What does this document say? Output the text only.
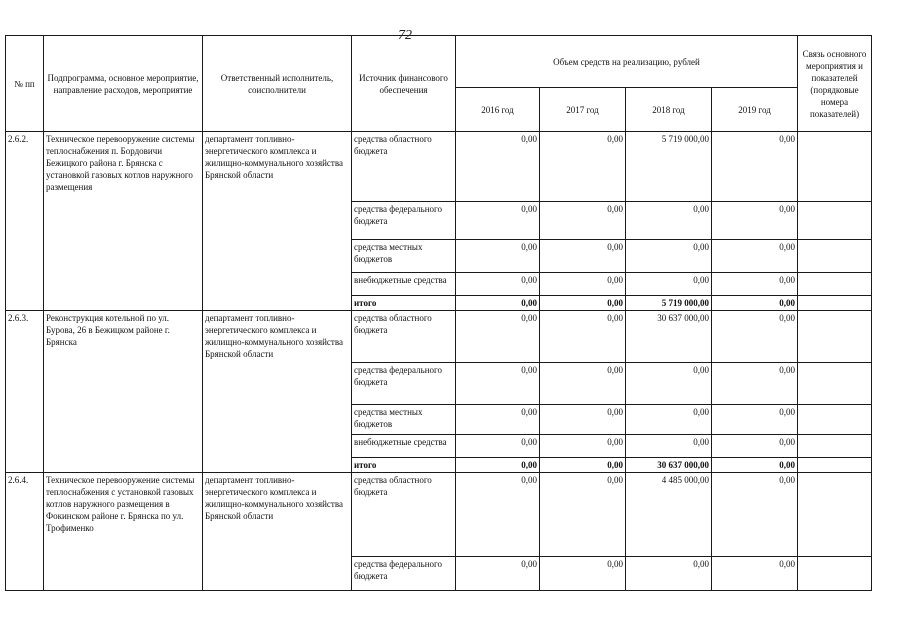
72
№ пп	Подпрограмма, основное мероприятие, направление расходов, мероприятие	Ответственный исполнитель, соисполнители	Источник финансового обеспечения	Объем средств на реализацию, рублей				Связь основного мероприятия и показателей (порядковые номера показателей)
				2016 год	2017 год	2018 год	2019 год	
2.6.2.	Техническое перевооружение системы теплоснабжения п. Бордовичи Бежицкого района г. Брянска с установкой газовых котлов наружного размещения	департамент топливно-энергетического комплекса и жилищно-коммунального хозяйства Брянской области	средства областного бюджета	0,00	0,00	5 719 000,00	0,00	
			средства федерального бюджета	0,00	0,00	0,00	0,00	
			средства местных бюджетов	0,00	0,00	0,00	0,00	
			внебюджетные средства	0,00	0,00	0,00	0,00	
			итого	0,00	0,00	5 719 000,00	0,00	
2.6.3.	Реконструкция котельной по ул. Бурова, 26 в Бежицком районе г. Брянска	департамент топливно-энергетического комплекса и жилищно-коммунального хозяйства Брянской области	средства областного бюджета	0,00	0,00	30 637 000,00	0,00	
			средства федерального бюджета	0,00	0,00	0,00	0,00	
			средства местных бюджетов	0,00	0,00	0,00	0,00	
			внебюджетные средства	0,00	0,00	0,00	0,00	
			итого	0,00	0,00	30 637 000,00	0,00	
2.6.4.	Техническое перевооружение системы теплоснабжения с установкой газовых котлов наружного размещения в Фокинском районе г. Брянска по ул. Трофименко	департамент топливно-энергетического комплекса и жилищно-коммунального хозяйства Брянской области	средства областного бюджета	0,00	0,00	4 485 000,00	0,00	
			средства федерального бюджета	0,00	0,00	0,00	0,00	
